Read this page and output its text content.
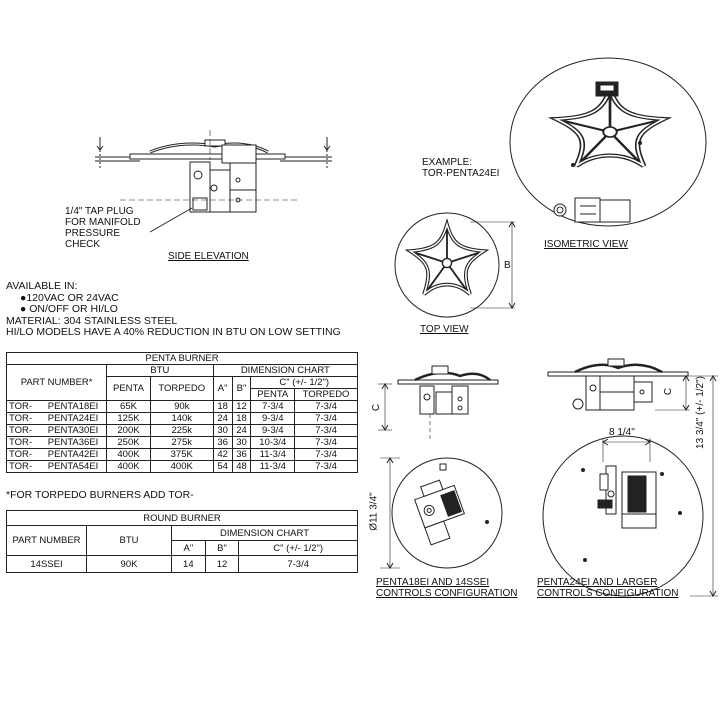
1/4" TAP PLUG
FOR MANIFOLD
PRESSURE
CHECK
SIDE ELEVATION
EXAMPLE:
TOR-PENTA24EI
ISOMETRIC VIEW
TOP VIEW
B
C
C
Ø11 3/4"
8 1/4"	13 3/4" (+/- 1/2")
PENTA18EI AND 14SSEI
CONTROLS CONFIGURATION
PENTA24EI AND LARGER
CONTROLS CONFIGURATION
AVAILABLE IN:
●120VAC OR 24VAC
● ON/OFF OR HI/LO
MATERIAL: 304 STAINLESS STEEL
HI/LO MODELS HAVE A 40% REDUCTION IN BTU ON LOW SETTING
PENTA BURNER							
PART NUMBER*		BTU		DIMENSION CHART			
		PENTA	TORPEDO	A"	B"	C" (+/- 1/2")	
						PENTA	TORPEDO
TOR-	PENTA18EI	65K	90k	18	12	7-3/4	7-3/4
TOR-	PENTA24EI	125K	140k	24	18	9-3/4	7-3/4
TOR-	PENTA30EI	200K	225k	30	24	9-3/4	7-3/4
TOR-	PENTA36EI	250K	275k	36	30	10-3/4	7-3/4
TOR-	PENTA42EI	400K	375K	42	36	11-3/4	7-3/4
TOR-	PENTA54EI	400K	400K	54	48	11-3/4	7-3/4
*FOR TORPEDO BURNERS ADD TOR-
ROUND BURNER				
PART NUMBER	BTU	DIMENSION CHART		
		A"	B"	C" (+/- 1/2")
14SSEI	90K	14	12	7-3/4
